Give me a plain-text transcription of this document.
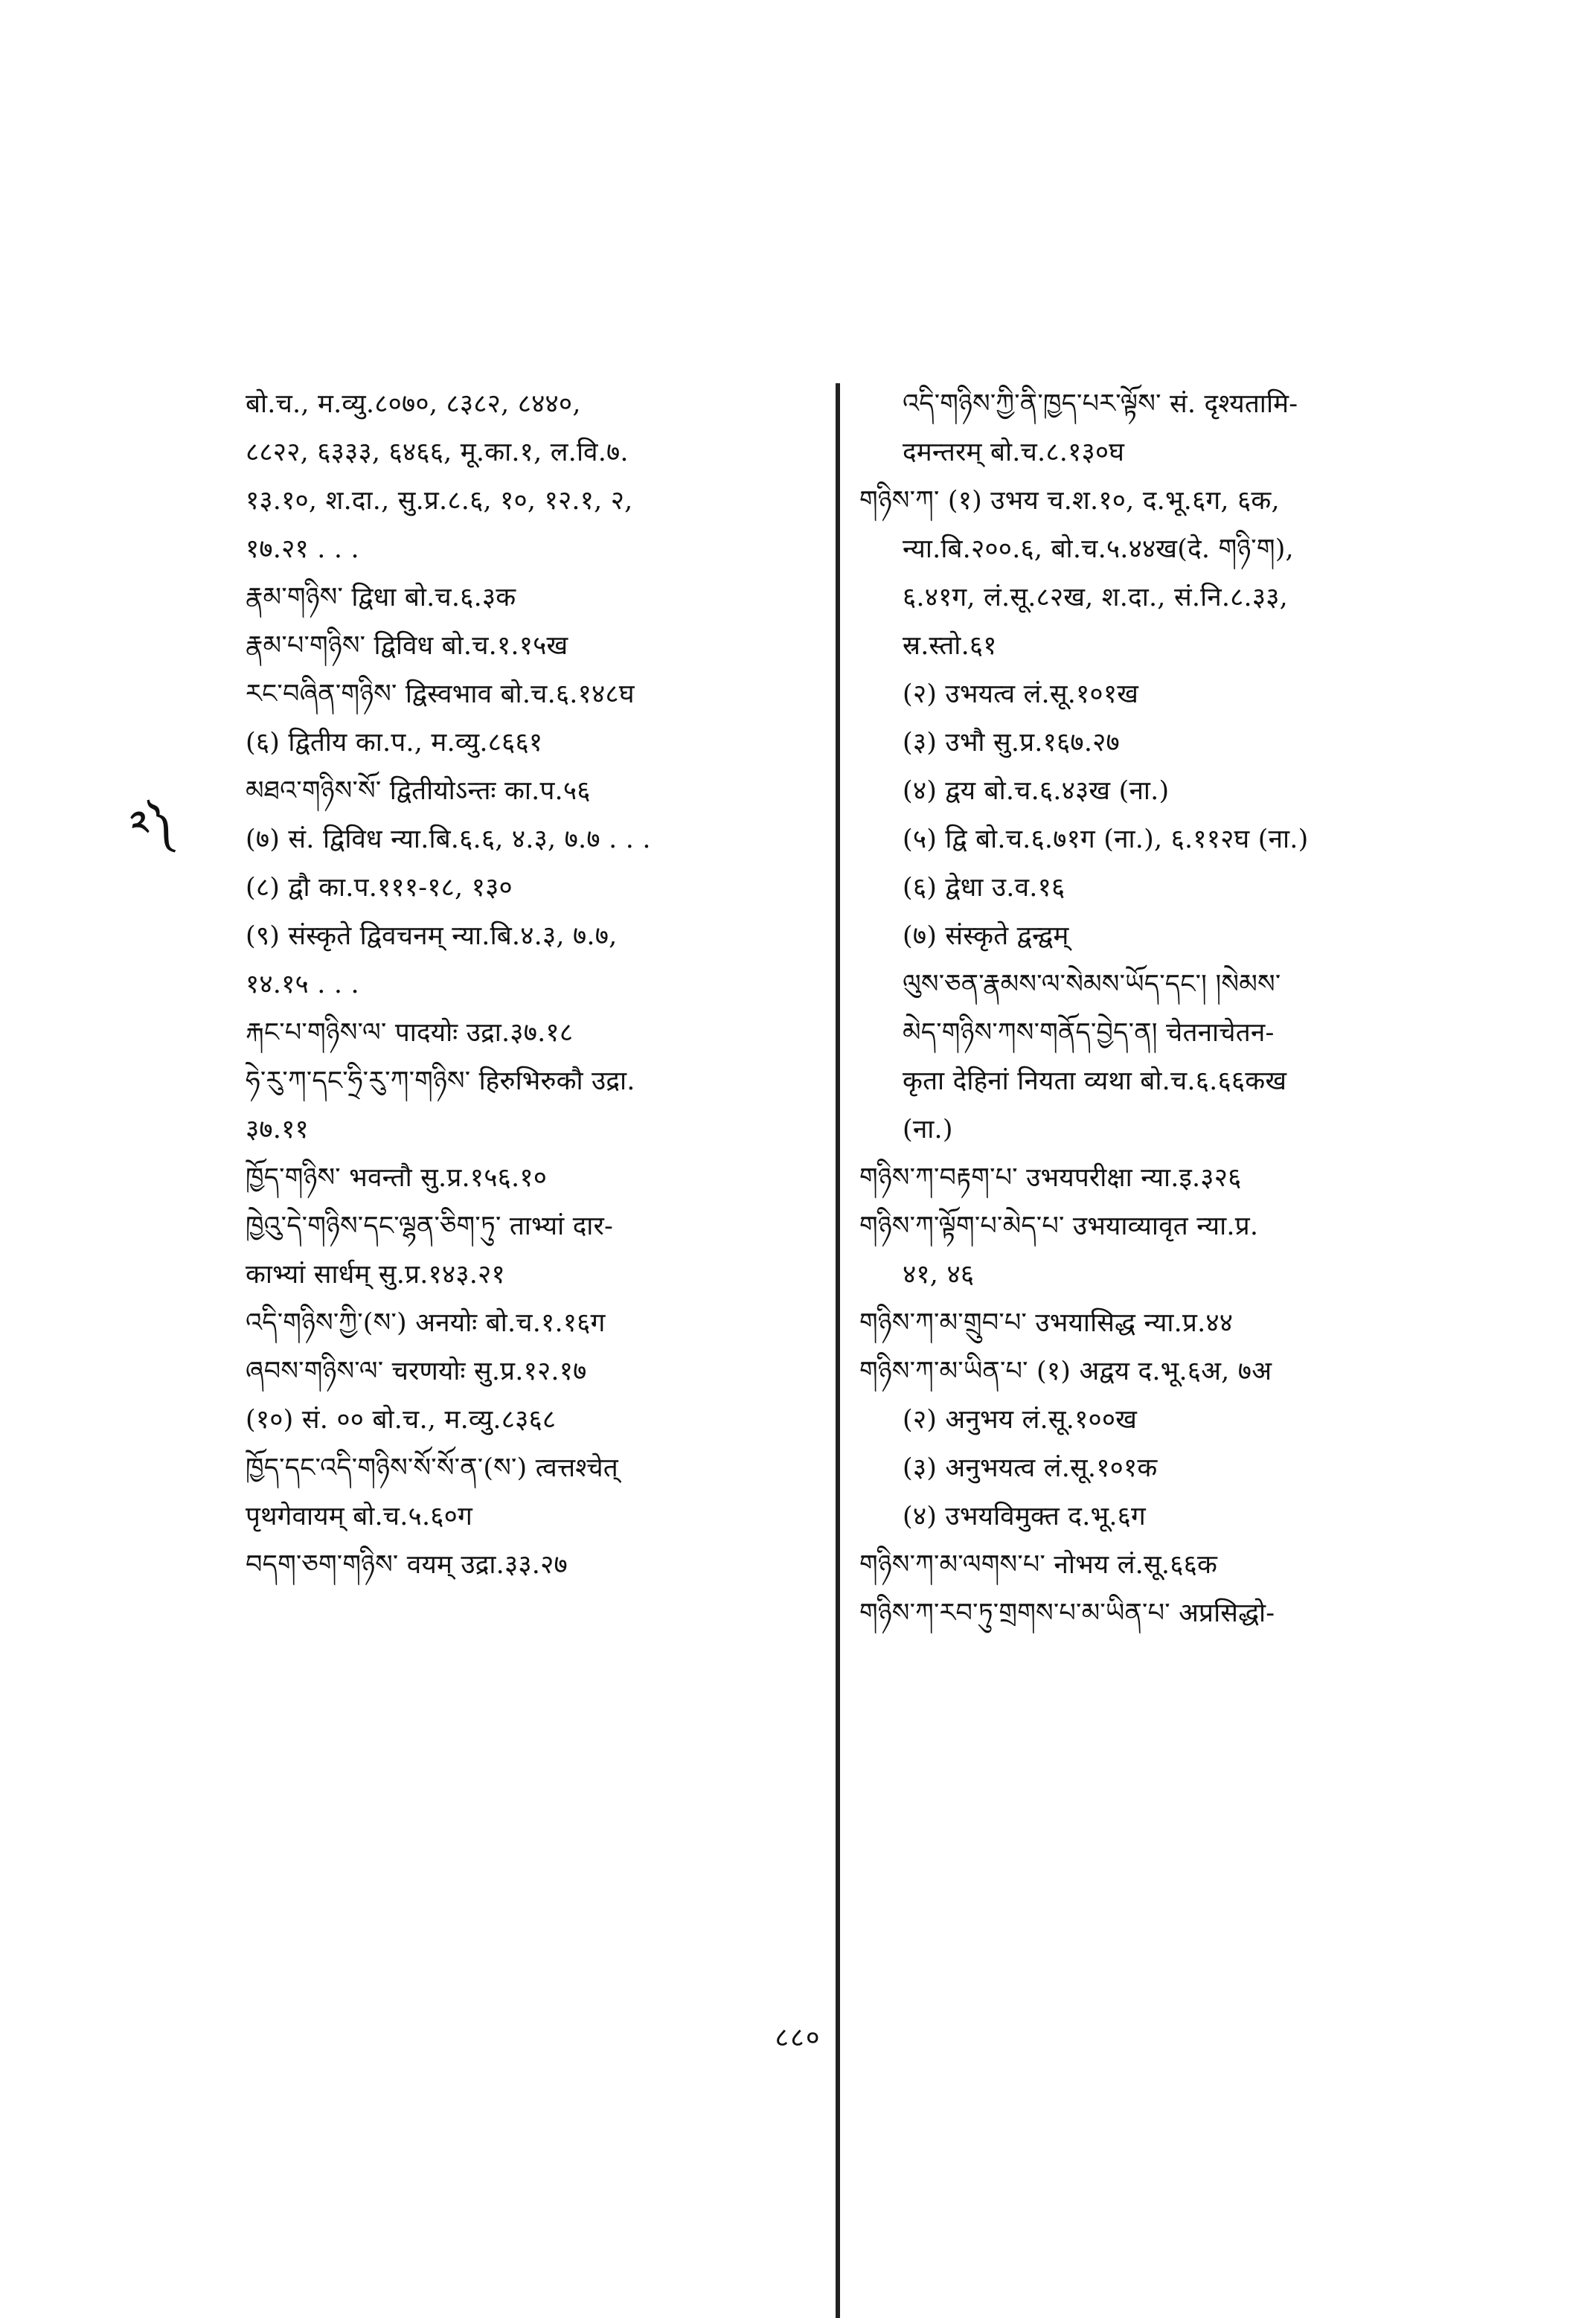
༢༽
बो.च., म.व्यु.८०७०, ८३८२, ८४४०,
८८२२, ६३३३, ६४६६, मू.का.१, ल.वि.७.
१३.१०, श.दा., सु.प्र.८.६, १०, १२.१, २,
१७.२१ . . .
རྣམ་གཉིས་ द्विधा बो.च.६.३क
རྣམ་པ་གཉིས་ द्विविध बो.च.१.१५ख
རང་བཞིན་གཉིས་ द्विस्वभाव बो.च.६.१४८घ
(६) द्वितीय का.प., म.व्यु.८६६१
མཐའ་གཉིས་སོ་ द्वितीयोऽन्तः का.प.५६
(७) सं. द्विविध न्या.बि.६.६, ४.३, ७.७ . . .
(८) द्वौ का.प.१११-१८, १३०
(९) संस्कृते द्विवचनम् न्या.बि.४.३, ७.७,
१४.१५ . . .
རྐང་པ་གཉིས་ལ་ पादयोः उद्रा.३७.१८
ཧེ་རུ་ཀ་དང་ཧྲི་རུ་ཀ་གཉིས་ हिरुभिरुकौ उद्रा.
३७.११
ཁྱོད་གཉིས་ भवन्तौ सु.प्र.१५६.१०
ཁྱེའུ་དེ་གཉིས་དང་ལྷན་ཅིག་ཏུ་ ताभ्यां दार-
काभ्यां सार्धम् सु.प्र.१४३.२१
འདི་གཉིས་ཀྱི་(ས་) अनयोः बो.च.१.१६ग
ཞབས་གཉིས་ལ་ चरणयोः सु.प्र.१२.१७
(१०) सं. ०० बो.च., म.व्यु.८३६८
ཁྱོད་དང་འདི་གཉིས་སོ་སོ་ན་(ས་) त्वत्तश्चेत्
पृथगेवायम् बो.च.५.६०ग
བདག་ཅག་གཉིས་ वयम् उद्रा.३३.२७
འདི་གཉིས་ཀྱི་ནི་ཁྱད་པར་ལྟོས་ सं. दृश्यतामि-
दमन्तरम् बो.च.८.१३०घ
གཉིས་ཀ་ (१) उभय च.श.१०, द.भू.६ग, ६क,
न्या.बि.२००.६, बो.च.५.४४ख(दे. གཉི་ག),
६.४१ग, लं.सू.८२ख, श.दा., सं.नि.८.३३,
स्र.स्तो.६१
(२) उभयत्व लं.सू.१०१ख
(३) उभौ सु.प्र.१६७.२७
(४) द्वय बो.च.६.४३ख (ना.)
(५) द्वि बो.च.६.७१ग (ना.), ६.११२घ (ना.)
(६) द्वेधा उ.व.१६
(७) संस्कृते द्वन्द्वम्
ལུས་ཅན་རྣམས་ལ་སེམས་ཡོད་དང་། །སེམས་
མེད་གཉིས་ཀས་གནོད་བྱེད་ན། चेतनाचेतन-
कृता देहिनां नियता व्यथा बो.च.६.६६कख
(ना.)
གཉིས་ཀ་བརྟག་པ་ उभयपरीक्षा न्या.इ.३२६
གཉིས་ཀ་ལྟོག་པ་མེད་པ་ उभयाव्यावृत न्या.प्र.
४१, ४६
གཉིས་ཀ་མ་གྲུབ་པ་ उभयासिद्ध न्या.प्र.४४
གཉིས་ཀ་མ་ཡིན་པ་ (१) अद्वय द.भू.६अ, ७अ
(२) अनुभय लं.सू.१००ख
(३) अनुभयत्व लं.सू.१०१क
(४) उभयविमुक्त द.भू.६ग
གཉིས་ཀ་མ་ལགས་པ་ नोभय लं.सू.६६क
གཉིས་ཀ་རབ་ཏུ་གྲགས་པ་མ་ཡིན་པ་ अप्रसिद्धो-
८८०
